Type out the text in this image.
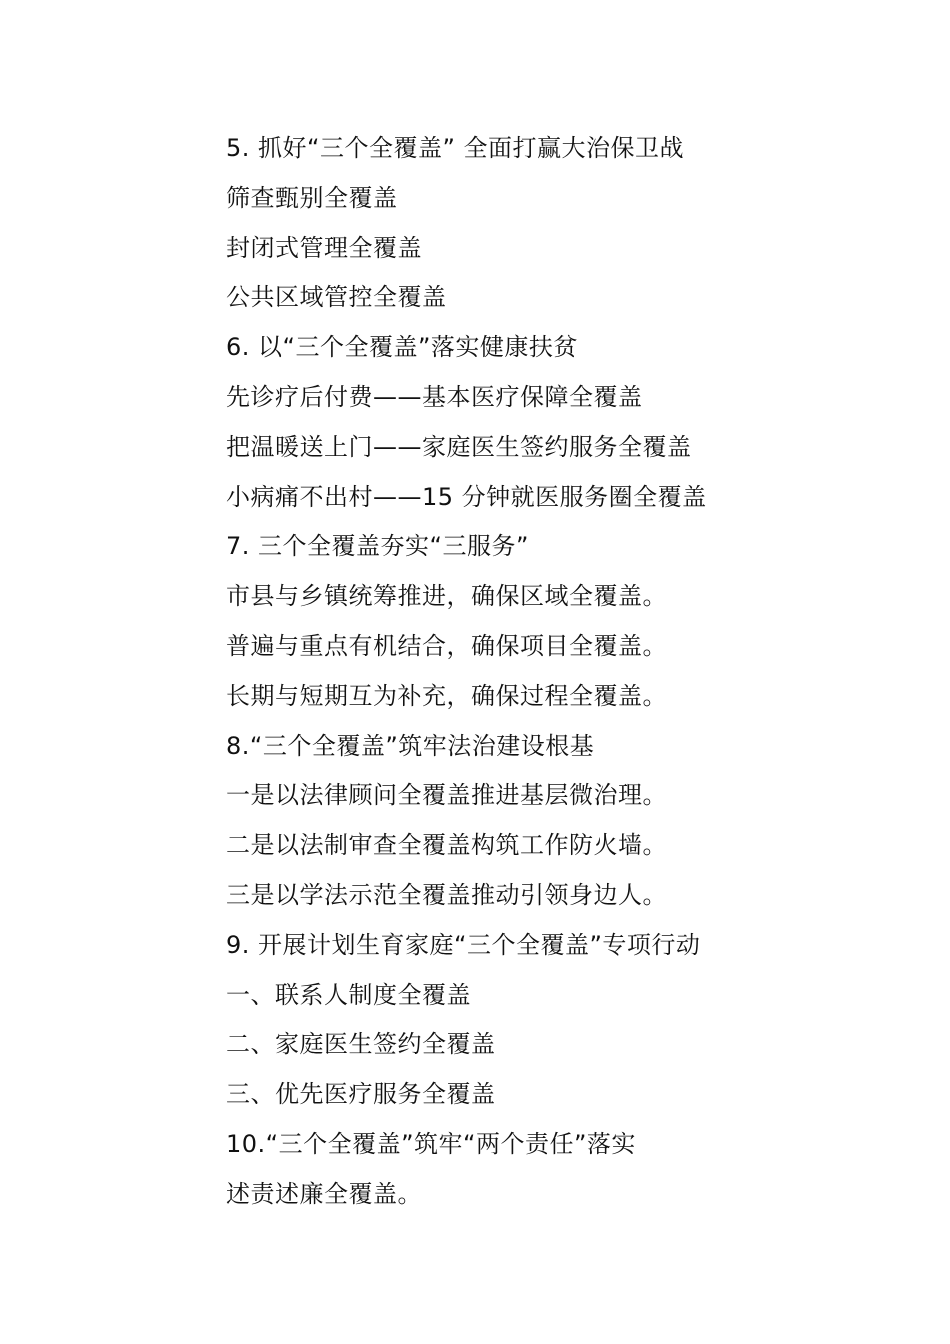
5. 抓好“三个全覆盖” 全面打赢大治保卫战
筛查甄别全覆盖
封闭式管理全覆盖
公共区域管控全覆盖
6. 以“三个全覆盖”落实健康扶贫
先诊疗后付费——基本医疗保障全覆盖
把温暖送上门——家庭医生签约服务全覆盖
小病痛不出村——15 分钟就医服务圈全覆盖
7. 三个全覆盖夯实“三服务”
市县与乡镇统筹推进，确保区域全覆盖。
普遍与重点有机结合，确保项目全覆盖。
长期与短期互为补充，确保过程全覆盖。
8.“三个全覆盖”筑牢法治建设根基
一是以法律顾问全覆盖推进基层微治理。
二是以法制审查全覆盖构筑工作防火墙。
三是以学法示范全覆盖推动引领身边人。
9. 开展计划生育家庭“三个全覆盖”专项行动
一、联系人制度全覆盖
二、家庭医生签约全覆盖
三、优先医疗服务全覆盖
10.“三个全覆盖”筑牢“两个责任”落实
述责述廉全覆盖。
